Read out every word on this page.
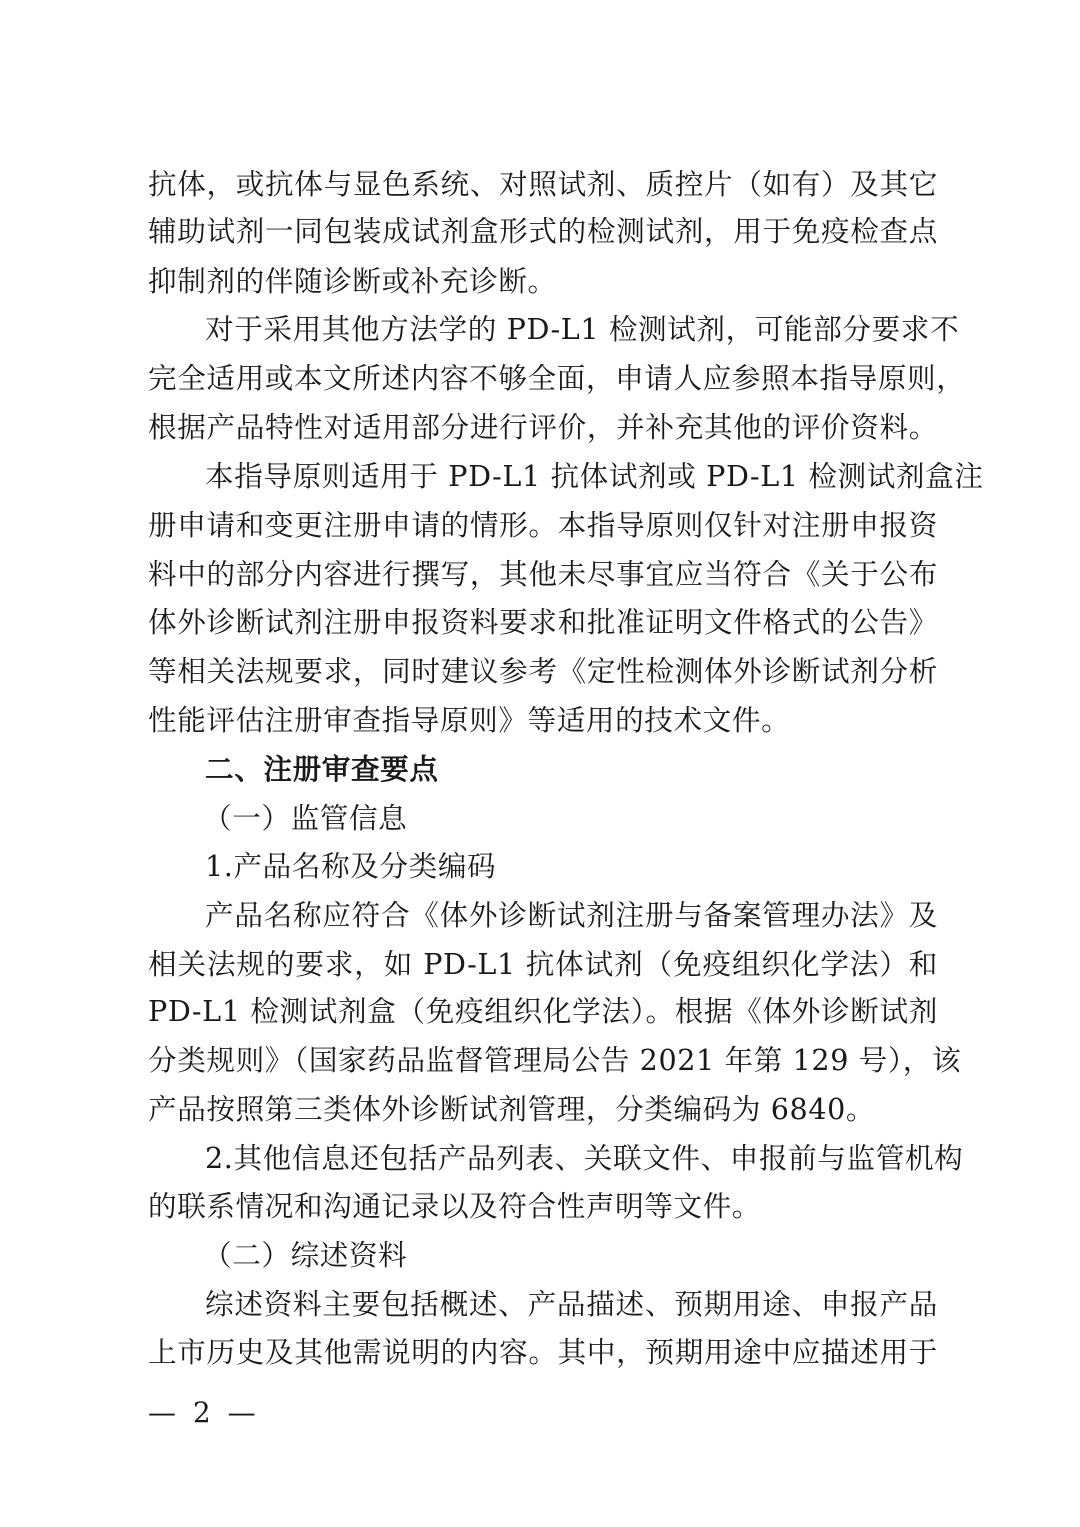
抗体，或抗体与显色系统、对照试剂、质控片（如有）及其它
辅助试剂一同包装成试剂盒形式的检测试剂，用于免疫检查点
抑制剂的伴随诊断或补充诊断。
对于采用其他方法学的 PD-L1 检测试剂，可能部分要求不
完全适用或本文所述内容不够全面，申请人应参照本指导原则，
根据产品特性对适用部分进行评价，并补充其他的评价资料。
本指导原则适用于 PD-L1 抗体试剂或 PD-L1 检测试剂盒注
册申请和变更注册申请的情形。本指导原则仅针对注册申报资
料中的部分内容进行撰写，其他未尽事宜应当符合《关于公布
体外诊断试剂注册申报资料要求和批准证明文件格式的公告》
等相关法规要求，同时建议参考《定性检测体外诊断试剂分析
性能评估注册审查指导原则》等适用的技术文件。
二、注册审查要点
（一）监管信息
1.产品名称及分类编码
产品名称应符合《体外诊断试剂注册与备案管理办法》及
相关法规的要求，如 PD-L1 抗体试剂（免疫组织化学法）和
PD-L1 检测试剂盒（免疫组织化学法）。根据《体外诊断试剂
分类规则》（国家药品监督管理局公告 2021 年第 129 号），该
产品按照第三类体外诊断试剂管理，分类编码为 6840。
2.其他信息还包括产品列表、关联文件、申报前与监管机构
的联系情况和沟通记录以及符合性声明等文件。
（二）综述资料
综述资料主要包括概述、产品描述、预期用途、申报产品
上市历史及其他需说明的内容。其中，预期用途中应描述用于
— 2 —
